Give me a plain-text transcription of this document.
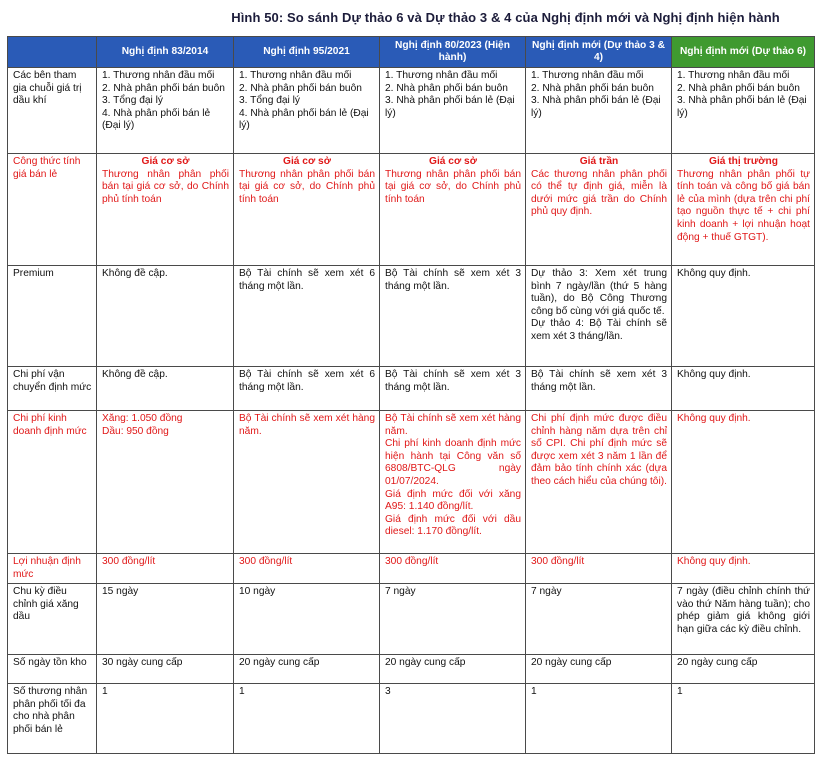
Hình 50: So sánh Dự thảo 6 và Dự thảo 3 & 4 của Nghị định mới và Nghị định hiện hành
	Nghị định 83/2014	Nghị định 95/2021	Nghị định 80/2023 (Hiện hành)	Nghị định mới (Dự thảo 3 & 4)	Nghị định mới (Dự thảo 6)
Các bên tham gia chuỗi giá trị dầu khí	1. Thương nhân đầu mối
2. Nhà phân phối bán buôn
3. Tổng đại lý
4. Nhà phân phối bán lẻ (Đại lý)	1. Thương nhân đầu mối
2. Nhà phân phối bán buôn
3. Tổng đại lý
4. Nhà phân phối bán lẻ (Đại lý)	1. Thương nhân đầu mối
2. Nhà phân phối bán buôn
3. Nhà phân phối bán lẻ (Đại lý)	1. Thương nhân đầu mối
2. Nhà phân phối bán buôn
3. Nhà phân phối bán lẻ (Đại lý)	1. Thương nhân đầu mối
2. Nhà phân phối bán buôn
3. Nhà phân phối bán lẻ (Đại lý)

Công thức tính giá bán lẻ	Giá cơ sở
Thương nhân phân phối bán tại giá cơ sở, do Chính phủ tính toán	Giá cơ sở
Thương nhân phân phối bán tại giá cơ sở, do Chính phủ tính toán	Giá cơ sở
Thương nhân phân phối bán tại giá cơ sở, do Chính phủ tính toán	Giá trần
Các thương nhân phân phối có thể tự định giá, miễn là dưới mức giá trần do Chính phủ quy định.	Giá thị trường
Thương nhân phân phối tự tính toán và công bố giá bán lẻ của mình (dựa trên chi phí tạo nguồn thực tế + chi phí kinh doanh + lợi nhuận hoạt động + thuế GTGT).

Premium	Không đề cập.	Bộ Tài chính sẽ xem xét 6 tháng một lần.	Bộ Tài chính sẽ xem xét 3 tháng một lần.	Dự thảo 3: Xem xét trung bình 7 ngày/lần (thứ 5 hàng tuần), do Bộ Công Thương công bố cùng với giá quốc tế.
Dự thảo 4: Bộ Tài chính sẽ xem xét 3 tháng/lần.	Không quy định.
Chi phí vận chuyển định mức	Không đề cập.	Bộ Tài chính sẽ xem xét 6 tháng một lần.	Bộ Tài chính sẽ xem xét 3 tháng một lần.	Bộ Tài chính sẽ xem xét 3 tháng một lần.	Không quy định.
Chi phí kinh doanh định mức	Xăng: 1.050 đồng
Dầu: 950 đồng	Bộ Tài chính sẽ xem xét hàng năm.	Bộ Tài chính sẽ xem xét hàng năm.
Chi phí kinh doanh định mức hiện hành tại Công văn số 6808/BTC-QLG ngày 01/07/2024.
Giá định mức đối với xăng A95: 1.140 đồng/lít.
Giá định mức đối với dầu diesel: 1.170 đồng/lít.	Chi phí định mức được điều chỉnh hàng năm dựa trên chỉ số CPI. Chi phí định mức sẽ được xem xét 3 năm 1 lần để đảm bảo tính chính xác (dựa theo cách hiểu của chúng tôi).	Không quy định.
Lợi nhuận định mức	300 đồng/lít	300 đồng/lít	300 đồng/lít	300 đồng/lít	Không quy định.
Chu kỳ điều chỉnh giá xăng dầu	15 ngày	10 ngày	7 ngày	7 ngày	7 ngày (điều chỉnh chính thứ vào thứ Năm hàng tuần); cho phép giảm giá không giới hạn giữa các kỳ điều chỉnh.
Số ngày tồn kho	30 ngày cung cấp	20 ngày cung cấp	20 ngày cung cấp	20 ngày cung cấp	20 ngày cung cấp
Số thương nhân phân phối tối đa cho nhà phân phối bán lẻ	1	1	3	1	1
